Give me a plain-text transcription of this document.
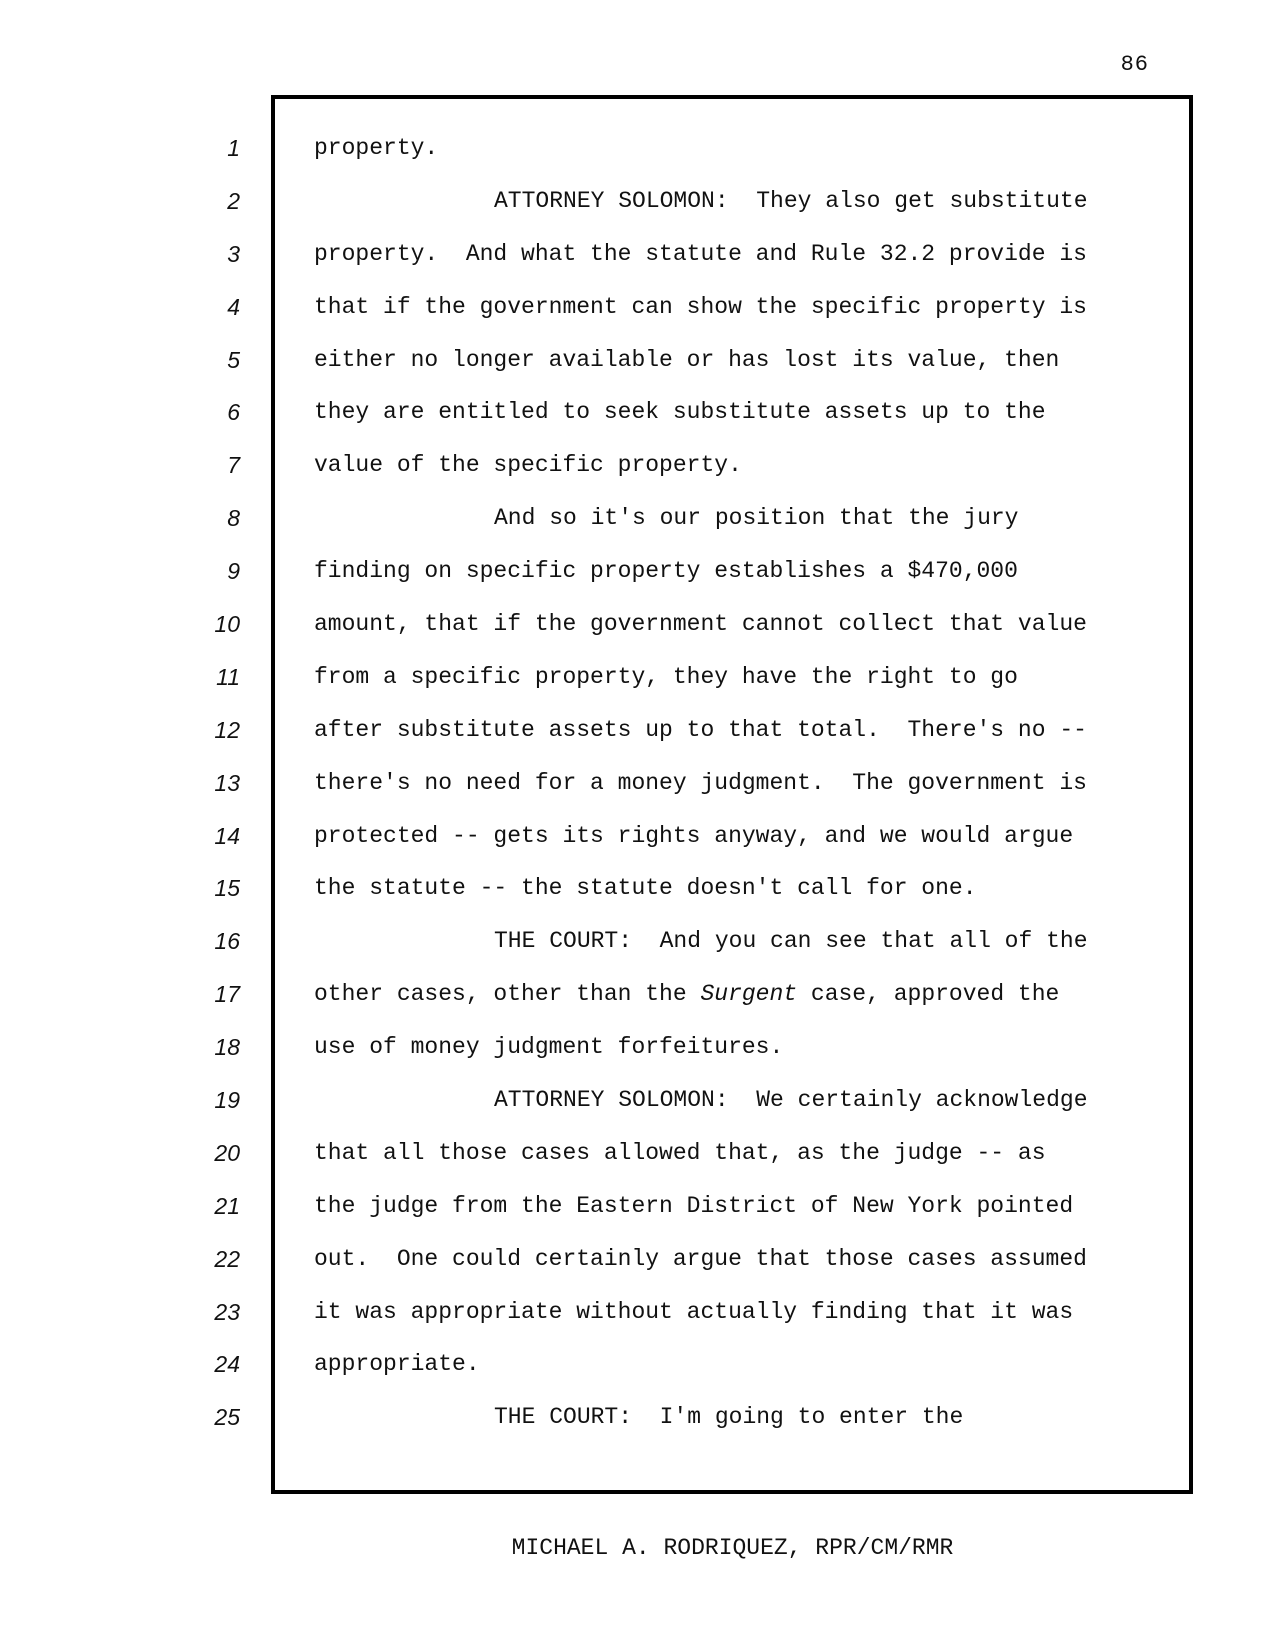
86
1
2
3
4
5
6
7
8
9
10
11
12
13
14
15
16
17
18
19
20
21
22
23
24
25
property.
ATTORNEY SOLOMON:  They also get substitute
property.  And what the statute and Rule 32.2 provide is
that if the government can show the specific property is
either no longer available or has lost its value, then
they are entitled to seek substitute assets up to the
value of the specific property.
And so it's our position that the jury
finding on specific property establishes a $470,000
amount, that if the government cannot collect that value
from a specific property, they have the right to go
after substitute assets up to that total.  There's no --
there's no need for a money judgment.  The government is
protected -- gets its rights anyway, and we would argue
the statute -- the statute doesn't call for one.
THE COURT:  And you can see that all of the
other cases, other than the Surgent case, approved the
use of money judgment forfeitures.
ATTORNEY SOLOMON:  We certainly acknowledge
that all those cases allowed that, as the judge -- as
the judge from the Eastern District of New York pointed
out.  One could certainly argue that those cases assumed
it was appropriate without actually finding that it was
appropriate.
THE COURT:  I'm going to enter the
MICHAEL A. RODRIQUEZ, RPR/CM/RMR
